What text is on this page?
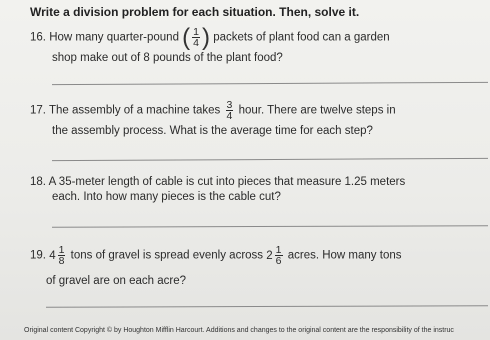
Write a division problem for each situation. Then, solve it.
16. How many quarter-pound ( $\frac{1}{4}$ ) packets of plant food can a garden
shop make out of 8 pounds of the plant food?
17. The assembly of a machine takes $\frac{3}{4}$ hour. There are twelve steps in
the assembly process. What is the average time for each step?
18. A 35-meter length of cable is cut into pieces that measure 1.25 meters
each. Into how many pieces is the cable cut?
19. $4 \frac{1}{8}$ tons of gravel is spread evenly across $2 \frac{1}{6}$ acres. How many tons
of gravel are on each acre?
Original content Copyright © by Houghton Mifflin Harcourt. Additions and changes to the original content are the responsibility of the instruc
